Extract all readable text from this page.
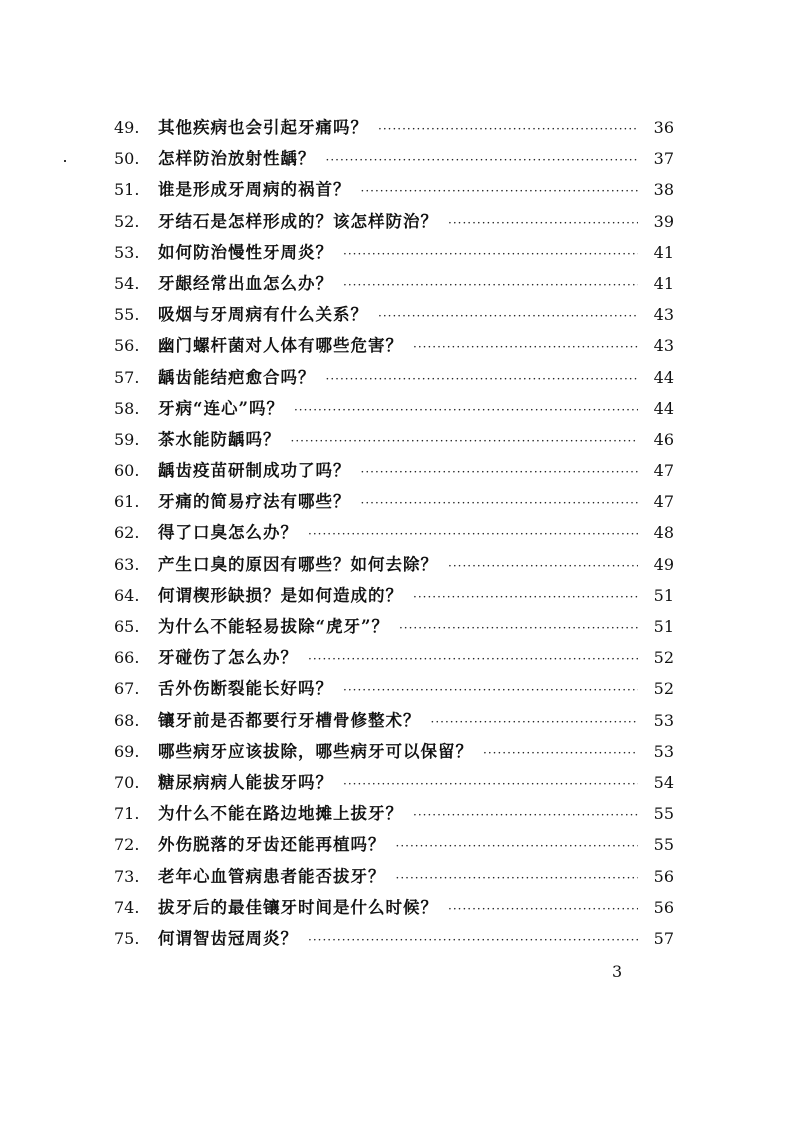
49.	其他疾病也会引起牙痛吗？ ·····	36
50.	怎样防治放射性龋？ ·····	37
51.	谁是形成牙周病的祸首？ ·····	38
52.	牙结石是怎样形成的？该怎样防治？ ·····	39
53.	如何防治慢性牙周炎？ ·····	41
54.	牙龈经常出血怎么办？ ·····	41
55.	吸烟与牙周病有什么关系？ ·····	43
56.	幽门螺杆菌对人体有哪些危害？ ·····	43
57.	龋齿能结疤愈合吗？ ·····	44
58.	牙病“连心”吗？ ·····	44
59.	茶水能防龋吗？ ·····	46
60.	龋齿疫苗研制成功了吗？ ·····	47
61.	牙痛的简易疗法有哪些？ ·····	47
62.	得了口臭怎么办？ ·····	48
63.	产生口臭的原因有哪些？如何去除？ ·····	49
64.	何谓楔形缺损？是如何造成的？ ·····	51
65.	为什么不能轻易拔除“虎牙”？ ·····	51
66.	牙碰伤了怎么办？ ·····	52
67.	舌外伤断裂能长好吗？ ·····	52
68.	镶牙前是否都要行牙槽骨修整术？ ·····	53
69.	哪些病牙应该拔除，哪些病牙可以保留？ ·····	53
70.	糖尿病病人能拔牙吗？ ·····	54
71.	为什么不能在路边地摊上拔牙？ ·····	55
72.	外伤脱落的牙齿还能再植吗？ ·····	55
73.	老年心血管病患者能否拔牙？ ·····	56
74.	拔牙后的最佳镶牙时间是什么时候？ ·····	56
75.	何谓智齿冠周炎？ ·····	57
3
